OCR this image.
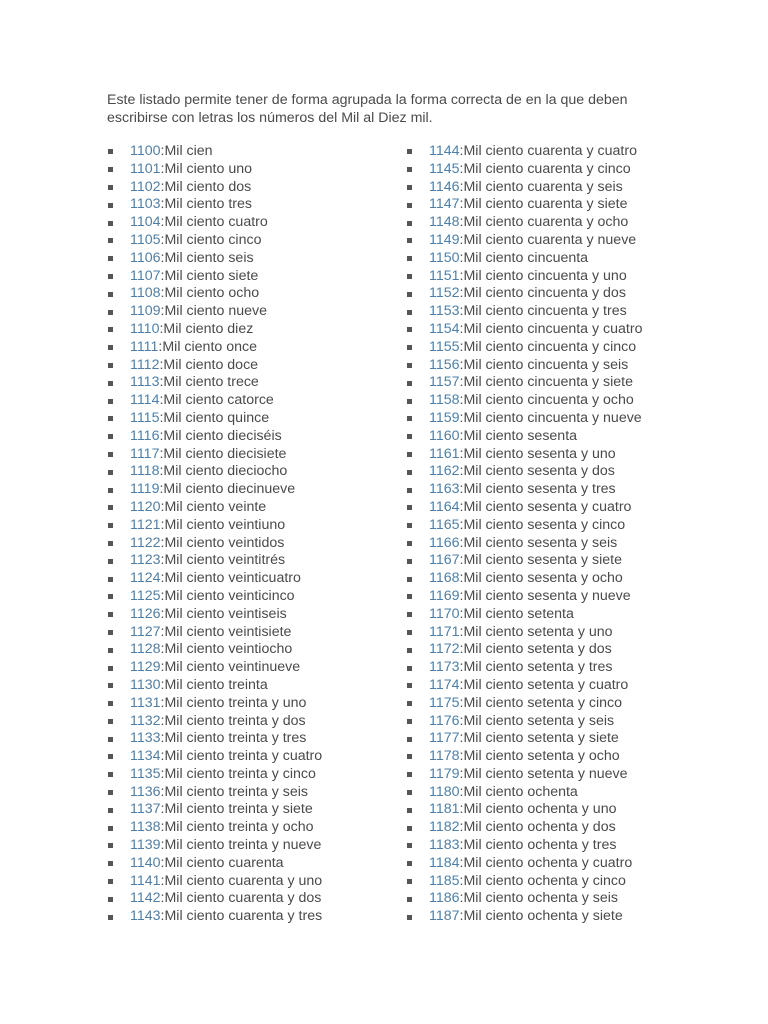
Este listado permite tener de forma agrupada la forma correcta de en la que deben escribirse con letras los números del Mil al Diez mil.

1100 : Mil cien
1101 : Mil ciento uno
1102 : Mil ciento dos
1103 : Mil ciento tres
1104 : Mil ciento cuatro
1105 : Mil ciento cinco
1106 : Mil ciento seis
1107 : Mil ciento siete
1108 : Mil ciento ocho
1109 : Mil ciento nueve
1110 : Mil ciento diez
1111 : Mil ciento once
1112 : Mil ciento doce
1113 : Mil ciento trece
1114 : Mil ciento catorce
1115 : Mil ciento quince
1116 : Mil ciento dieciséis
1117 : Mil ciento diecisiete
1118 : Mil ciento dieciocho
1119 : Mil ciento diecinueve
1120 : Mil ciento veinte
1121 : Mil ciento veintiuno
1122 : Mil ciento veintidos
1123 : Mil ciento veintitrés
1124 : Mil ciento veinticuatro
1125 : Mil ciento veinticinco
1126 : Mil ciento veintiseis
1127 : Mil ciento veintisiete
1128 : Mil ciento veintiocho
1129 : Mil ciento veintinueve
1130 : Mil ciento treinta
1131 : Mil ciento treinta y uno
1132 : Mil ciento treinta y dos
1133 : Mil ciento treinta y tres
1134 : Mil ciento treinta y cuatro
1135 : Mil ciento treinta y cinco
1136 : Mil ciento treinta y seis
1137 : Mil ciento treinta y siete
1138 : Mil ciento treinta y ocho
1139 : Mil ciento treinta y nueve
1140 : Mil ciento cuarenta
1141 : Mil ciento cuarenta y uno
1142 : Mil ciento cuarenta y dos
1143 : Mil ciento cuarenta y tres
1144 : Mil ciento cuarenta y cuatro
1145 : Mil ciento cuarenta y cinco
1146 : Mil ciento cuarenta y seis
1147 : Mil ciento cuarenta y siete
1148 : Mil ciento cuarenta y ocho
1149 : Mil ciento cuarenta y nueve
1150 : Mil ciento cincuenta
1151 : Mil ciento cincuenta y uno
1152 : Mil ciento cincuenta y dos
1153 : Mil ciento cincuenta y tres
1154 : Mil ciento cincuenta y cuatro
1155 : Mil ciento cincuenta y cinco
1156 : Mil ciento cincuenta y seis
1157 : Mil ciento cincuenta y siete
1158 : Mil ciento cincuenta y ocho
1159 : Mil ciento cincuenta y nueve
1160 : Mil ciento sesenta
1161 : Mil ciento sesenta y uno
1162 : Mil ciento sesenta y dos
1163 : Mil ciento sesenta y tres
1164 : Mil ciento sesenta y cuatro
1165 : Mil ciento sesenta y cinco
1166 : Mil ciento sesenta y seis
1167 : Mil ciento sesenta y siete
1168 : Mil ciento sesenta y ocho
1169 : Mil ciento sesenta y nueve
1170 : Mil ciento setenta
1171 : Mil ciento setenta y uno
1172 : Mil ciento setenta y dos
1173 : Mil ciento setenta y tres
1174 : Mil ciento setenta y cuatro
1175 : Mil ciento setenta y cinco
1176 : Mil ciento setenta y seis
1177 : Mil ciento setenta y siete
1178 : Mil ciento setenta y ocho
1179 : Mil ciento setenta y nueve
1180 : Mil ciento ochenta
1181 : Mil ciento ochenta y uno
1182 : Mil ciento ochenta y dos
1183 : Mil ciento ochenta y tres
1184 : Mil ciento ochenta y cuatro
1185 : Mil ciento ochenta y cinco
1186 : Mil ciento ochenta y seis
1187 : Mil ciento ochenta y siete
